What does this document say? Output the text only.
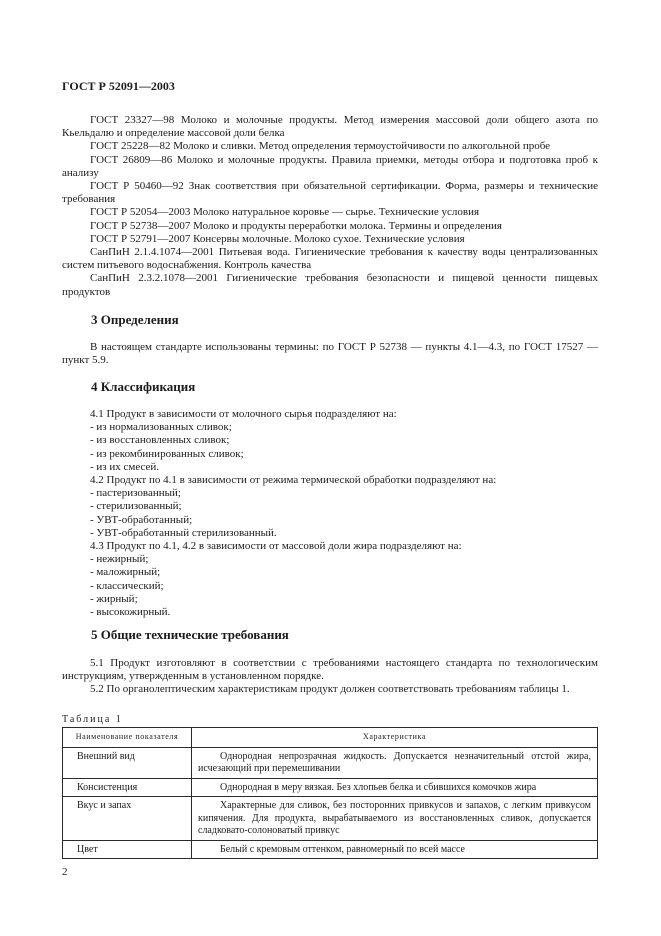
ГОСТ Р 52091—2003

ГОСТ 23327—98 Молоко и молочные продукты. Метод измерения массовой доли общего азота по Кьельдалю и определение массовой доли белка

ГОСТ 25228—82 Молоко и сливки. Метод определения термоустойчивости по алкогольной пробе

ГОСТ 26809—86 Молоко и молочные продукты. Правила приемки, методы отбора и подготовка проб к анализу

ГОСТ Р 50460—92 Знак соответствия при обязательной сертификации. Форма, размеры и технические требования

ГОСТ Р 52054—2003 Молоко натуральное коровье — сырье. Технические условия

ГОСТ Р 52738—2007 Молоко и продукты переработки молока. Термины и определения

ГОСТ Р 52791—2007 Консервы молочные. Молоко сухое. Технические условия

СанПиН 2.1.4.1074—2001 Питьевая вода. Гигиенические требования к качеству воды централизованных систем питьевого водоснабжения. Контроль качества

СанПиН 2.3.2.1078—2001 Гигиенические требования безопасности и пищевой ценности пищевых продуктов

3 Определения

В настоящем стандарте использованы термины: по ГОСТ Р 52738 — пункты 4.1—4.3, по ГОСТ 17527 — пункт 5.9.

4 Классификация

4.1 Продукт в зависимости от молочного сырья подразделяют на:

- из нормализованных сливок;

- из восстановленных сливок;

- из рекомбинированных сливок;

- из их смесей.

4.2 Продукт по 4.1 в зависимости от режима термической обработки подразделяют на:

- пастеризованный;

- стерилизованный;

- УВТ-обработанный;

- УВТ-обработанный стерилизованный.

4.3 Продукт по 4.1, 4.2 в зависимости от массовой доли жира подразделяют на:

- нежирный;

- маложирный;

- классический;

- жирный;

- высокожирный.

5 Общие технические требования

5.1 Продукт изготовляют в соответствии с требованиями настоящего стандарта по технологическим инструкциям, утвержденным в установленном порядке.

5.2 По органолептическим характеристикам продукт должен соответствовать требованиям таблицы 1.

Таблица 1
Наименование показателя	Характеристика
Внешний вид	Однородная непрозрачная жидкость. Допускается незначительный отстой жира, исчезающий при перемешивании
Консистенция	Однородная в меру вязкая. Без хлопьев белка и сбившихся комочков жира
Вкус и запах	Характерные для сливок, без посторонних привкусов и запахов, с легким привкусом кипячения. Для продукта, вырабатываемого из восстановленных сливок, допускается сладковато-солоноватый привкус
Цвет	Белый с кремовым оттенком, равномерный по всей массе
2
